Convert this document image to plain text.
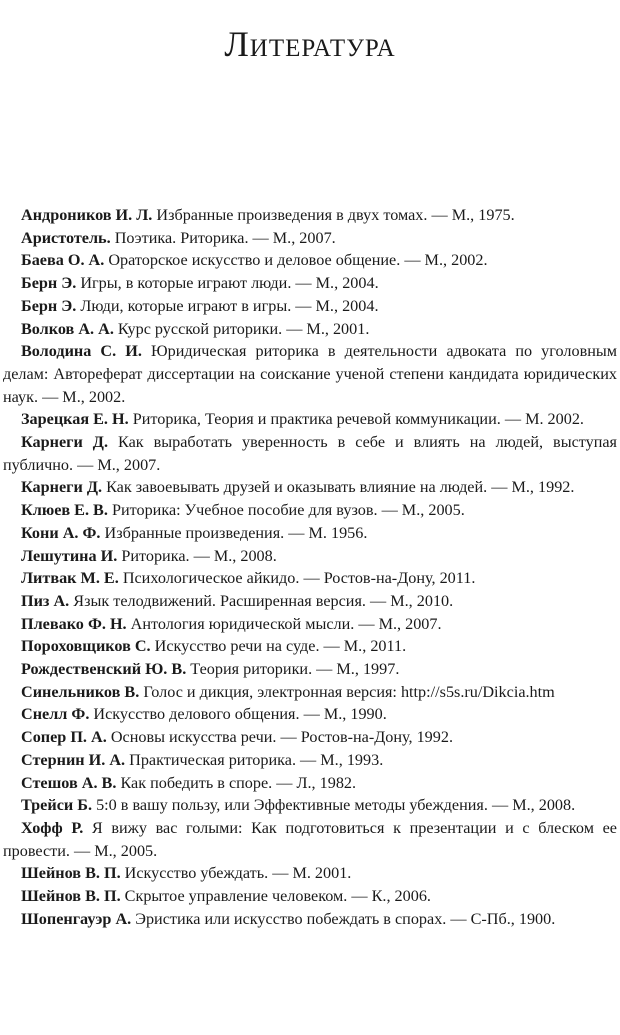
Литература
Андроников И. Л. Избранные произведения в двух томах. — М., 1975.
Аристотель. Поэтика. Риторика. — М., 2007.
Баева О. А. Ораторское искусство и деловое общение. — М., 2002.
Берн Э. Игры, в которые играют люди. — М., 2004.
Берн Э. Люди, которые играют в игры. — М., 2004.
Волков А. А. Курс русской риторики. — М., 2001.
Володина С. И. Юридическая риторика в деятельности адвоката по уголовным делам: Автореферат диссертации на соискание ученой степени кандидата юридических наук. — М., 2002.
Зарецкая Е. Н. Риторика, Теория и практика речевой коммуникации. — М. 2002.
Карнеги Д. Как выработать уверенность в себе и влиять на людей, выступая публично. — М., 2007.
Карнеги Д. Как завоевывать друзей и оказывать влияние на людей. — М., 1992.
Клюев Е. В. Риторика: Учебное пособие для вузов. — М., 2005.
Кони А. Ф. Избранные произведения. — М. 1956.
Лешутина И. Риторика. — М., 2008.
Литвак М. Е. Психологическое айкидо. — Ростов-на-Дону, 2011.
Пиз А. Язык телодвижений. Расширенная версия. — М., 2010.
Плевако Ф. Н. Антология юридической мысли. — М., 2007.
Пороховщиков С. Искусство речи на суде. — М., 2011.
Рождественский Ю. В. Теория риторики. — М., 1997.
Синельников В. Голос и дикция, электронная версия: http://s5s.ru/Dikcia.htm
Снелл Ф. Искусство делового общения. — М., 1990.
Сопер П. А. Основы искусства речи. — Ростов-на-Дону, 1992.
Стернин И. А. Практическая риторика. — М., 1993.
Стешов А. В. Как победить в споре. — Л., 1982.
Трейси Б. 5:0 в вашу пользу, или Эффективные методы убеждения. — М., 2008.
Хофф Р. Я вижу вас голыми: Как подготовиться к презентации и с блеском ее провести. — М., 2005.
Шейнов В. П. Искусство убеждать. — М. 2001.
Шейнов В. П. Скрытое управление человеком. — К., 2006.
Шопенгауэр А. Эристика или искусство побеждать в спорах. — С-Пб., 1900.
